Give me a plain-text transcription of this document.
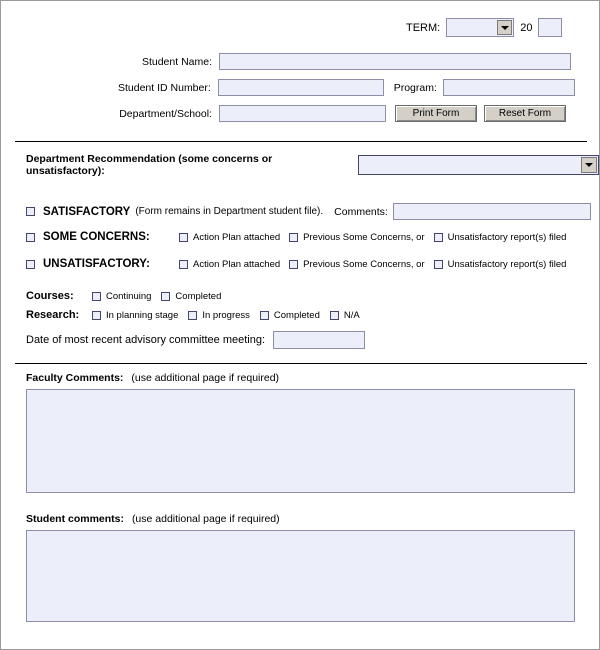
TERM:	20
Student Name:
Student ID Number:	Program:
Department/School:	Print Form	Reset Form
Department Recommendation (some concerns or unsatisfactory):
SATISFACTORY (Form remains in Department student file). Comments:
SOME CONCERNS:	Action Plan attached Previous Some Concerns, or Unsatisfactory report(s) filed
UNSATISFACTORY:	Action Plan attached Previous Some Concerns, or Unsatisfactory report(s) filed
Courses:	Continuing	Completed
Research:	In planning stage	In progress	Completed	N/A
Date of most recent advisory committee meeting:
Faculty Comments: (use additional page if required)
Student comments: (use additional page if required)
